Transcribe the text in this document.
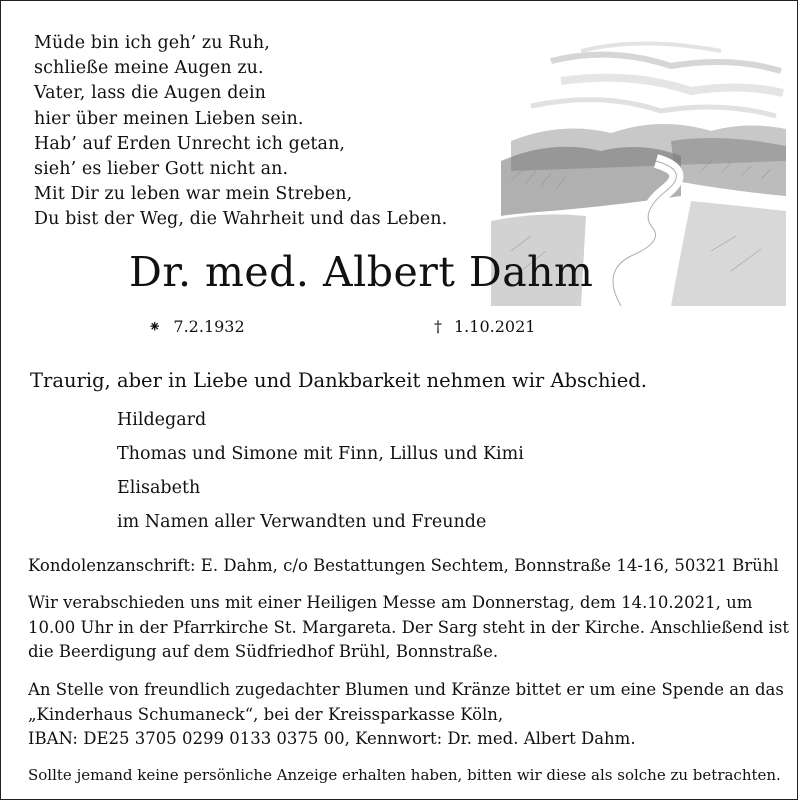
Müde bin ich geh’ zu Ruh,
schließe meine Augen zu.
Vater, lass die Augen dein
hier über meinen Lieben sein.
Hab’ auf Erden Unrecht ich getan,
sieh’ es lieber Gott nicht an.
Mit Dir zu leben war mein Streben,
Du bist der Weg, die Wahrheit und das Leben.
Dr. med. Albert Dahm
⁕ 7.2.1932	† 1.10.2021
Traurig, aber in Liebe und Dankbarkeit nehmen wir Abschied.
Hildegard
Thomas und Simone mit Finn, Lillus und Kimi
Elisabeth
im Namen aller Verwandten und Freunde
Kondolenzanschrift: E. Dahm, c/o Bestattungen Sechtem, Bonnstraße 14-16, 50321 Brühl
Wir verabschieden uns mit einer Heiligen Messe am Donnerstag, dem 14.10.2021, um
10.00 Uhr in der Pfarrkirche St. Margareta. Der Sarg steht in der Kirche. Anschließend ist
die Beerdigung auf dem Südfriedhof Brühl, Bonnstraße.
An Stelle von freundlich zugedachter Blumen und Kränze bittet er um eine Spende an das
„Kinderhaus Schumaneck“, bei der Kreissparkasse Köln,
IBAN: DE25 3705 0299 0133 0375 00, Kennwort: Dr. med. Albert Dahm.
Sollte jemand keine persönliche Anzeige erhalten haben, bitten wir diese als solche zu betrachten.
